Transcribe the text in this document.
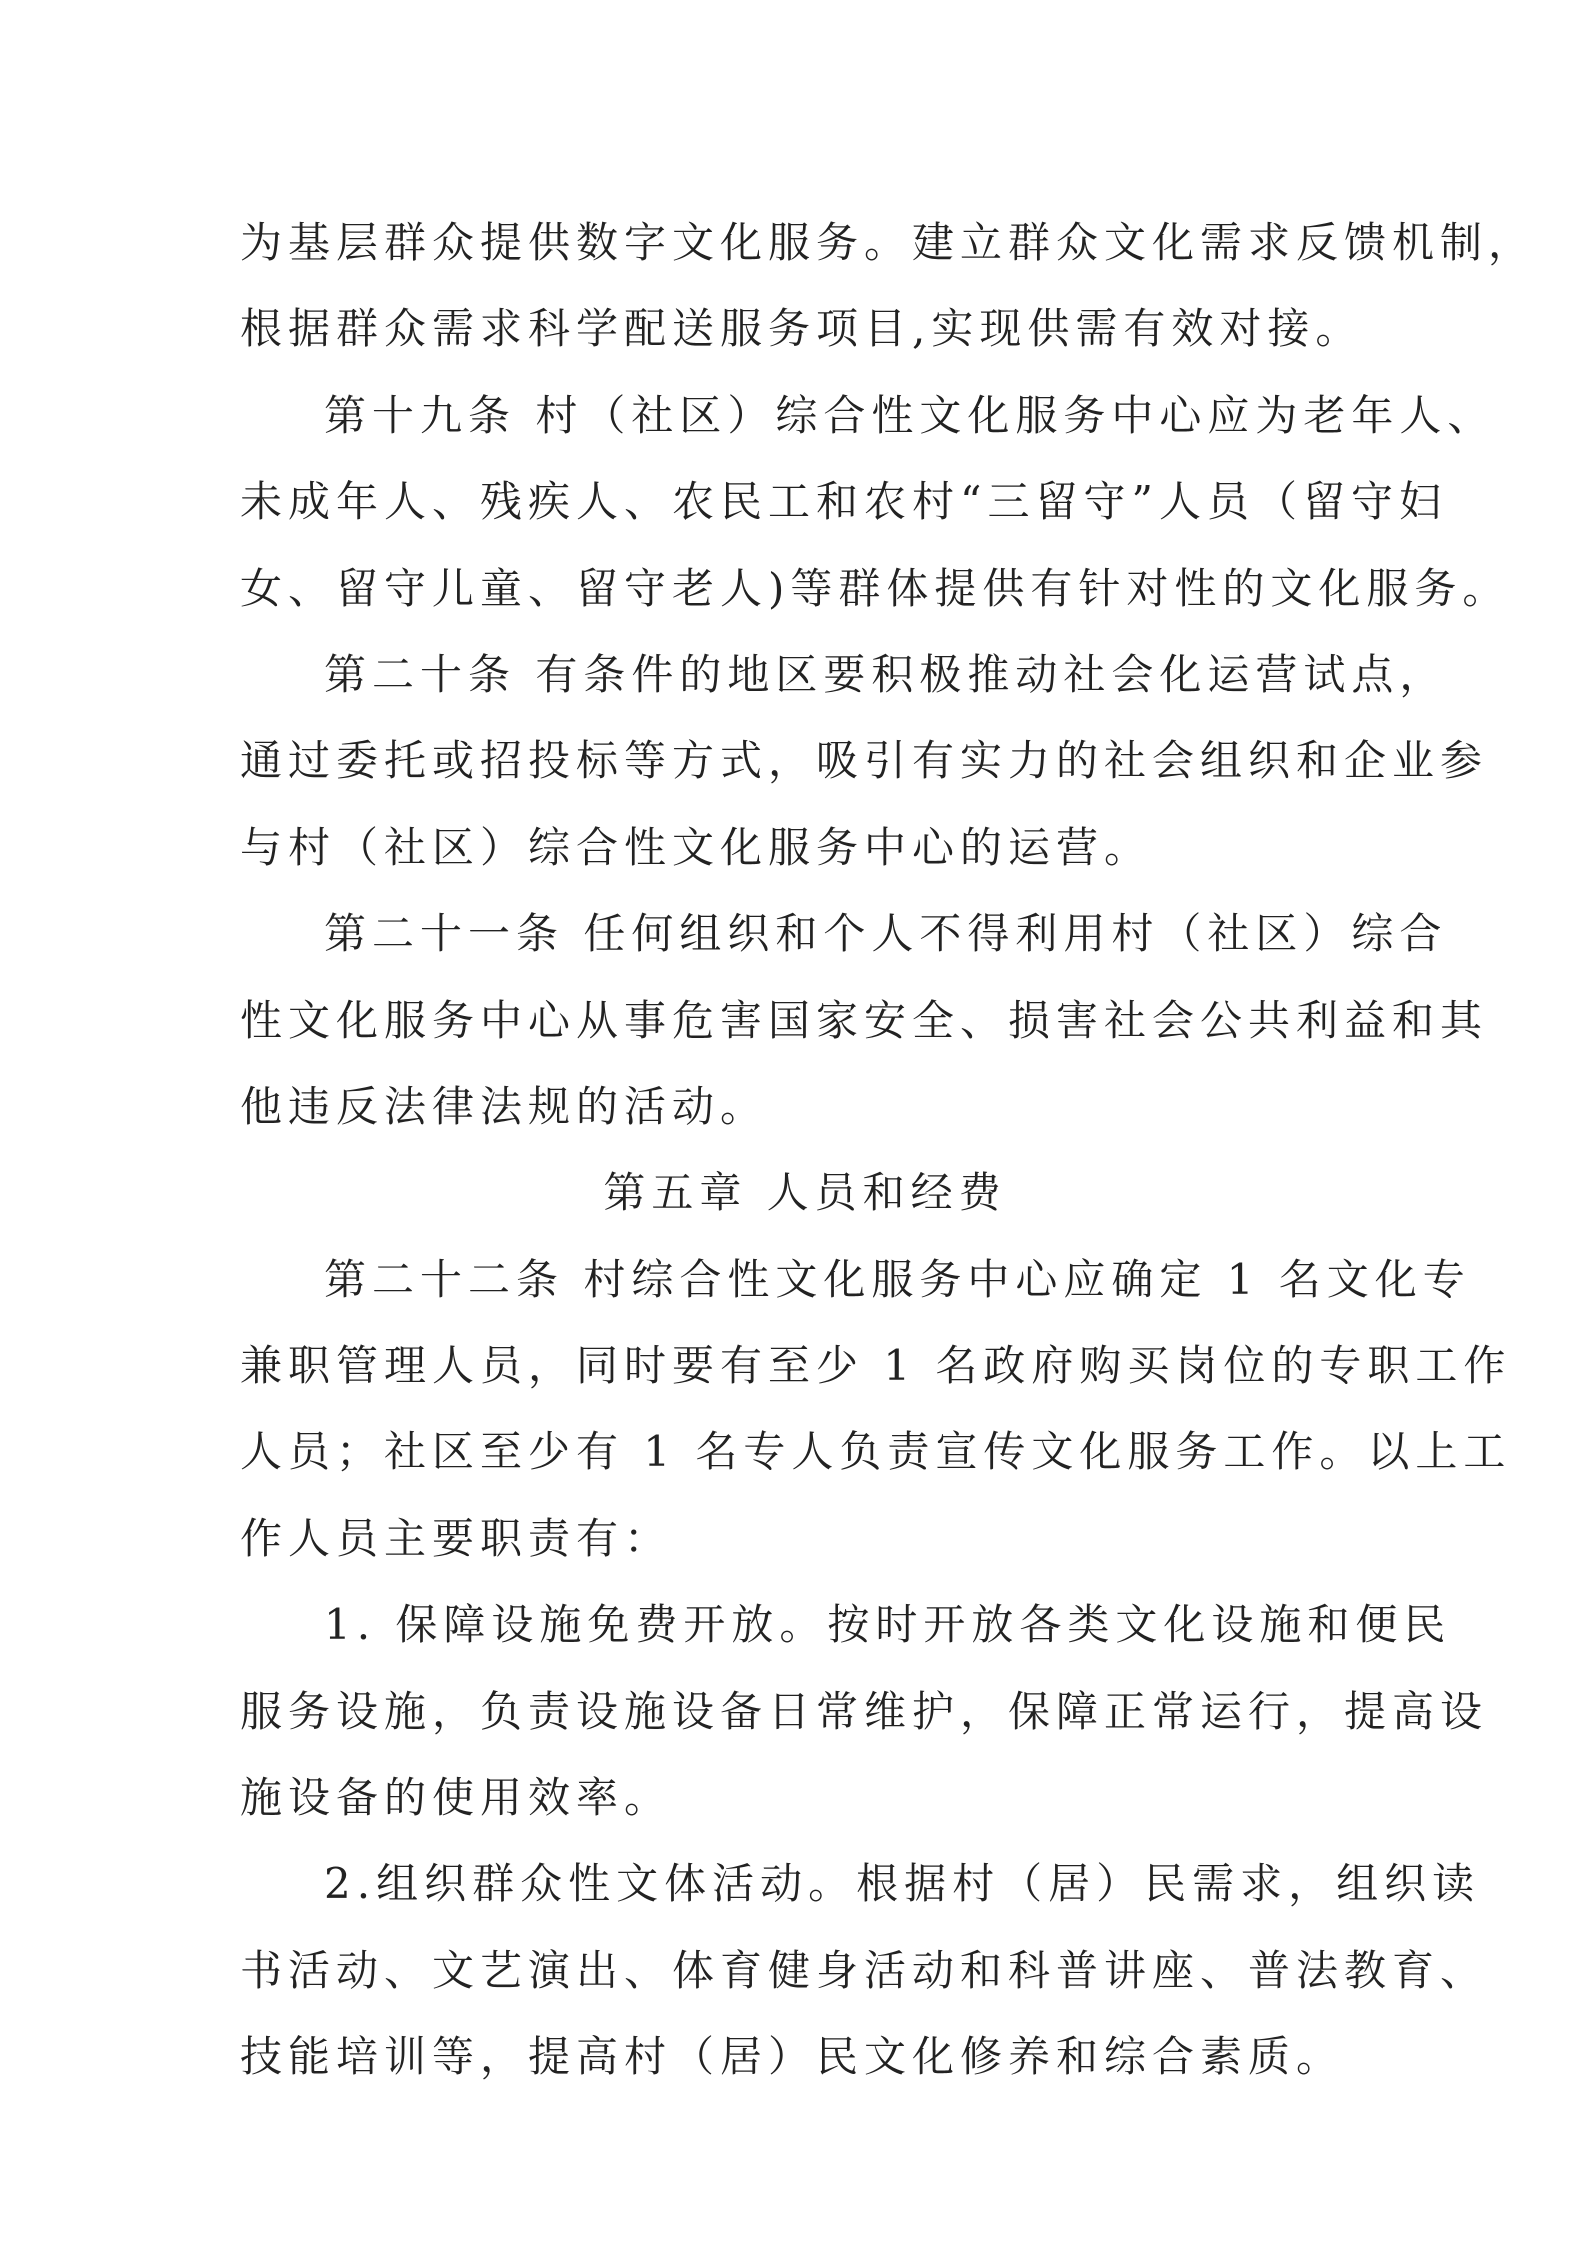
为基层群众提供数字文化服务。建立群众文化需求反馈机制，
根据群众需求科学配送服务项目,实现供需有效对接。
第十九条 村（社区）综合性文化服务中心应为老年人、
未成年人、残疾人、农民工和农村“三留守”人员（留守妇
女、留守儿童、留守老人)等群体提供有针对性的文化服务。
第二十条 有条件的地区要积极推动社会化运营试点，
通过委托或招投标等方式，吸引有实力的社会组织和企业参
与村（社区）综合性文化服务中心的运营。
第二十一条 任何组织和个人不得利用村（社区）综合
性文化服务中心从事危害国家安全、损害社会公共利益和其
他违反法律法规的活动。
第五章 人员和经费
第二十二条 村综合性文化服务中心应确定 1 名文化专
兼职管理人员，同时要有至少 1 名政府购买岗位的专职工作
人员；社区至少有 1 名专人负责宣传文化服务工作。以上工
作人员主要职责有：
1. 保障设施免费开放。按时开放各类文化设施和便民
服务设施，负责设施设备日常维护，保障正常运行，提高设
施设备的使用效率。
2.组织群众性文体活动。根据村（居）民需求，组织读
书活动、文艺演出、体育健身活动和科普讲座、普法教育、
技能培训等，提高村（居）民文化修养和综合素质。
